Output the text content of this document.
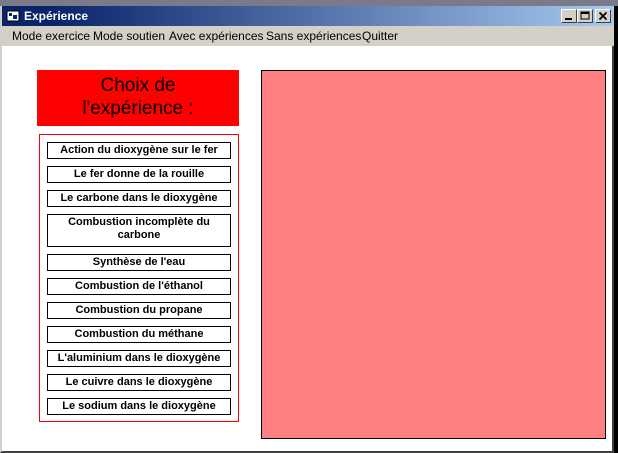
Expérience
Mode exercice Mode soutien Avec expériences Sans expériences Quitter
Choix de
l'expérience :
Action du dioxygène sur le fer
Le fer donne de la rouille
Le carbone dans le dioxygène
Combustion incomplète du carbone
Synthèse de l'eau
Combustion de l'éthanol
Combustion du propane
Combustion du méthane
L'aluminium dans le dioxygène
Le cuivre dans le dioxygène
Le sodium dans le dioxygène
